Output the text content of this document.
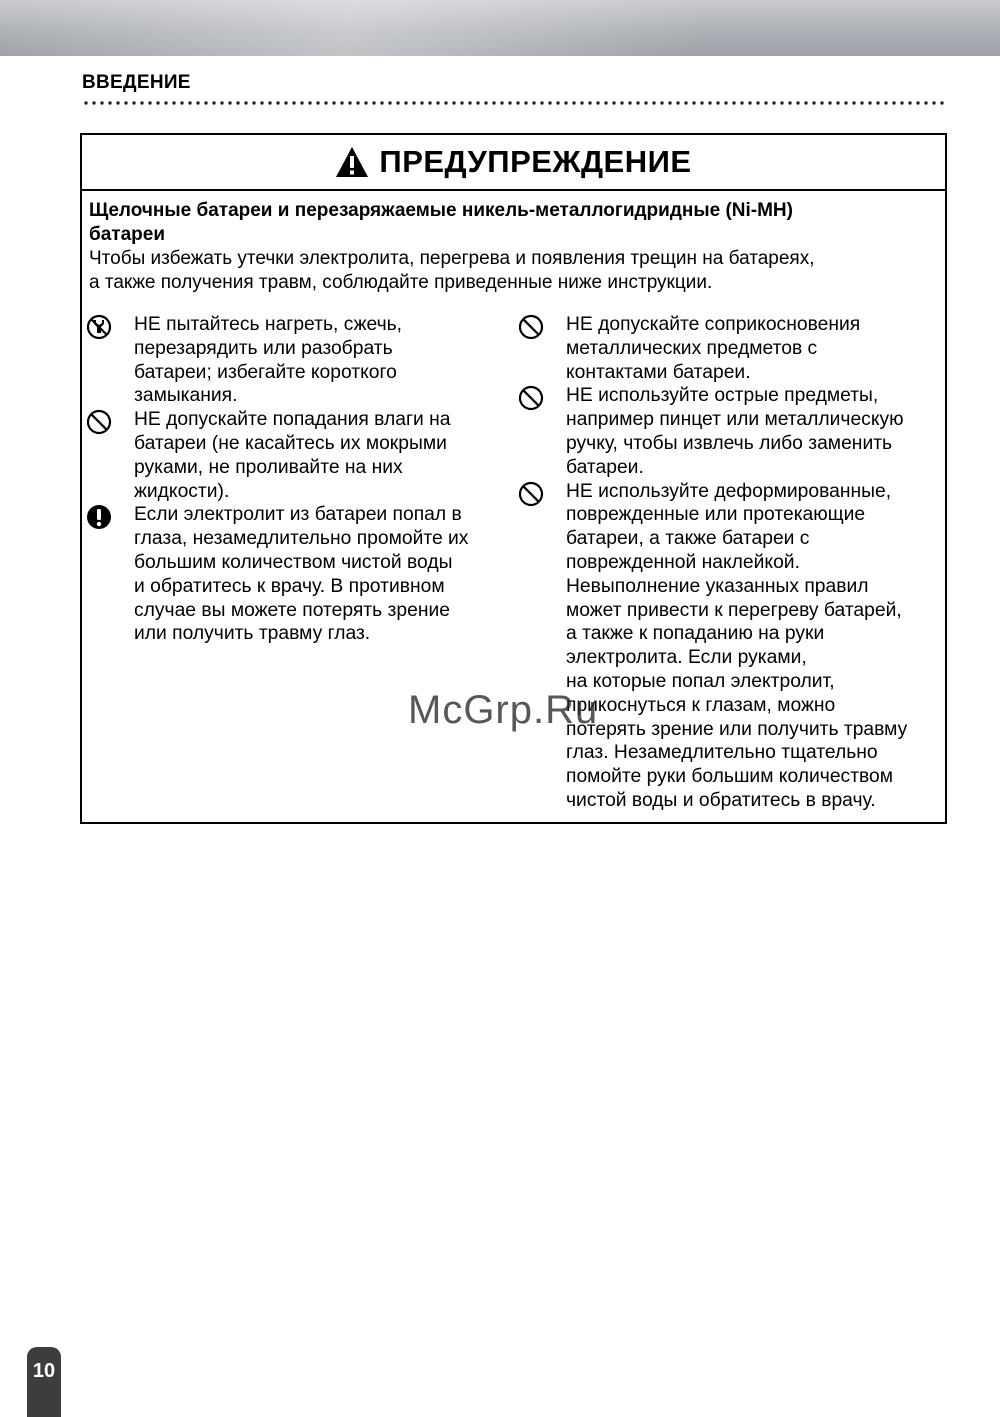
ВВЕДЕНИЕ
ПРЕДУПРЕЖДЕНИЕ
Щелочные батареи и перезаряжаемые никель-металлогидридные (Ni-MH)
батареи
Чтобы избежать утечки электролита, перегрева и появления трещин на батареях,
а также получения травм, соблюдайте приведенные ниже инструкции.
НЕ пытайтесь нагреть, сжечь,
перезарядить или разобрать
батареи; избегайте короткого
замыкания.
НЕ допускайте попадания влаги на
батареи (не касайтесь их мокрыми
руками, не проливайте на них
жидкости).
Если электролит из батареи попал в
глаза, незамедлительно промойте их
большим количеством чистой воды
и обратитесь к врачу. В противном
случае вы можете потерять зрение
или получить травму глаз.
НЕ допускайте соприкосновения
металлических предметов с
контактами батареи.
НЕ используйте острые предметы,
например пинцет или металлическую
ручку, чтобы извлечь либо заменить
батареи.
НЕ используйте деформированные,
поврежденные или протекающие
батареи, а также батареи с
поврежденной наклейкой.
Невыполнение указанных правил
может привести к перегреву батарей,
а также к попаданию на руки
электролита. Если руками,
на которые попал электролит,
прикоснуться к глазам, можно
потерять зрение или получить травму
глаз. Незамедлительно тщательно
помойте руки большим количеством
чистой воды и обратитесь в врачу.
McGrp.Ru
10
